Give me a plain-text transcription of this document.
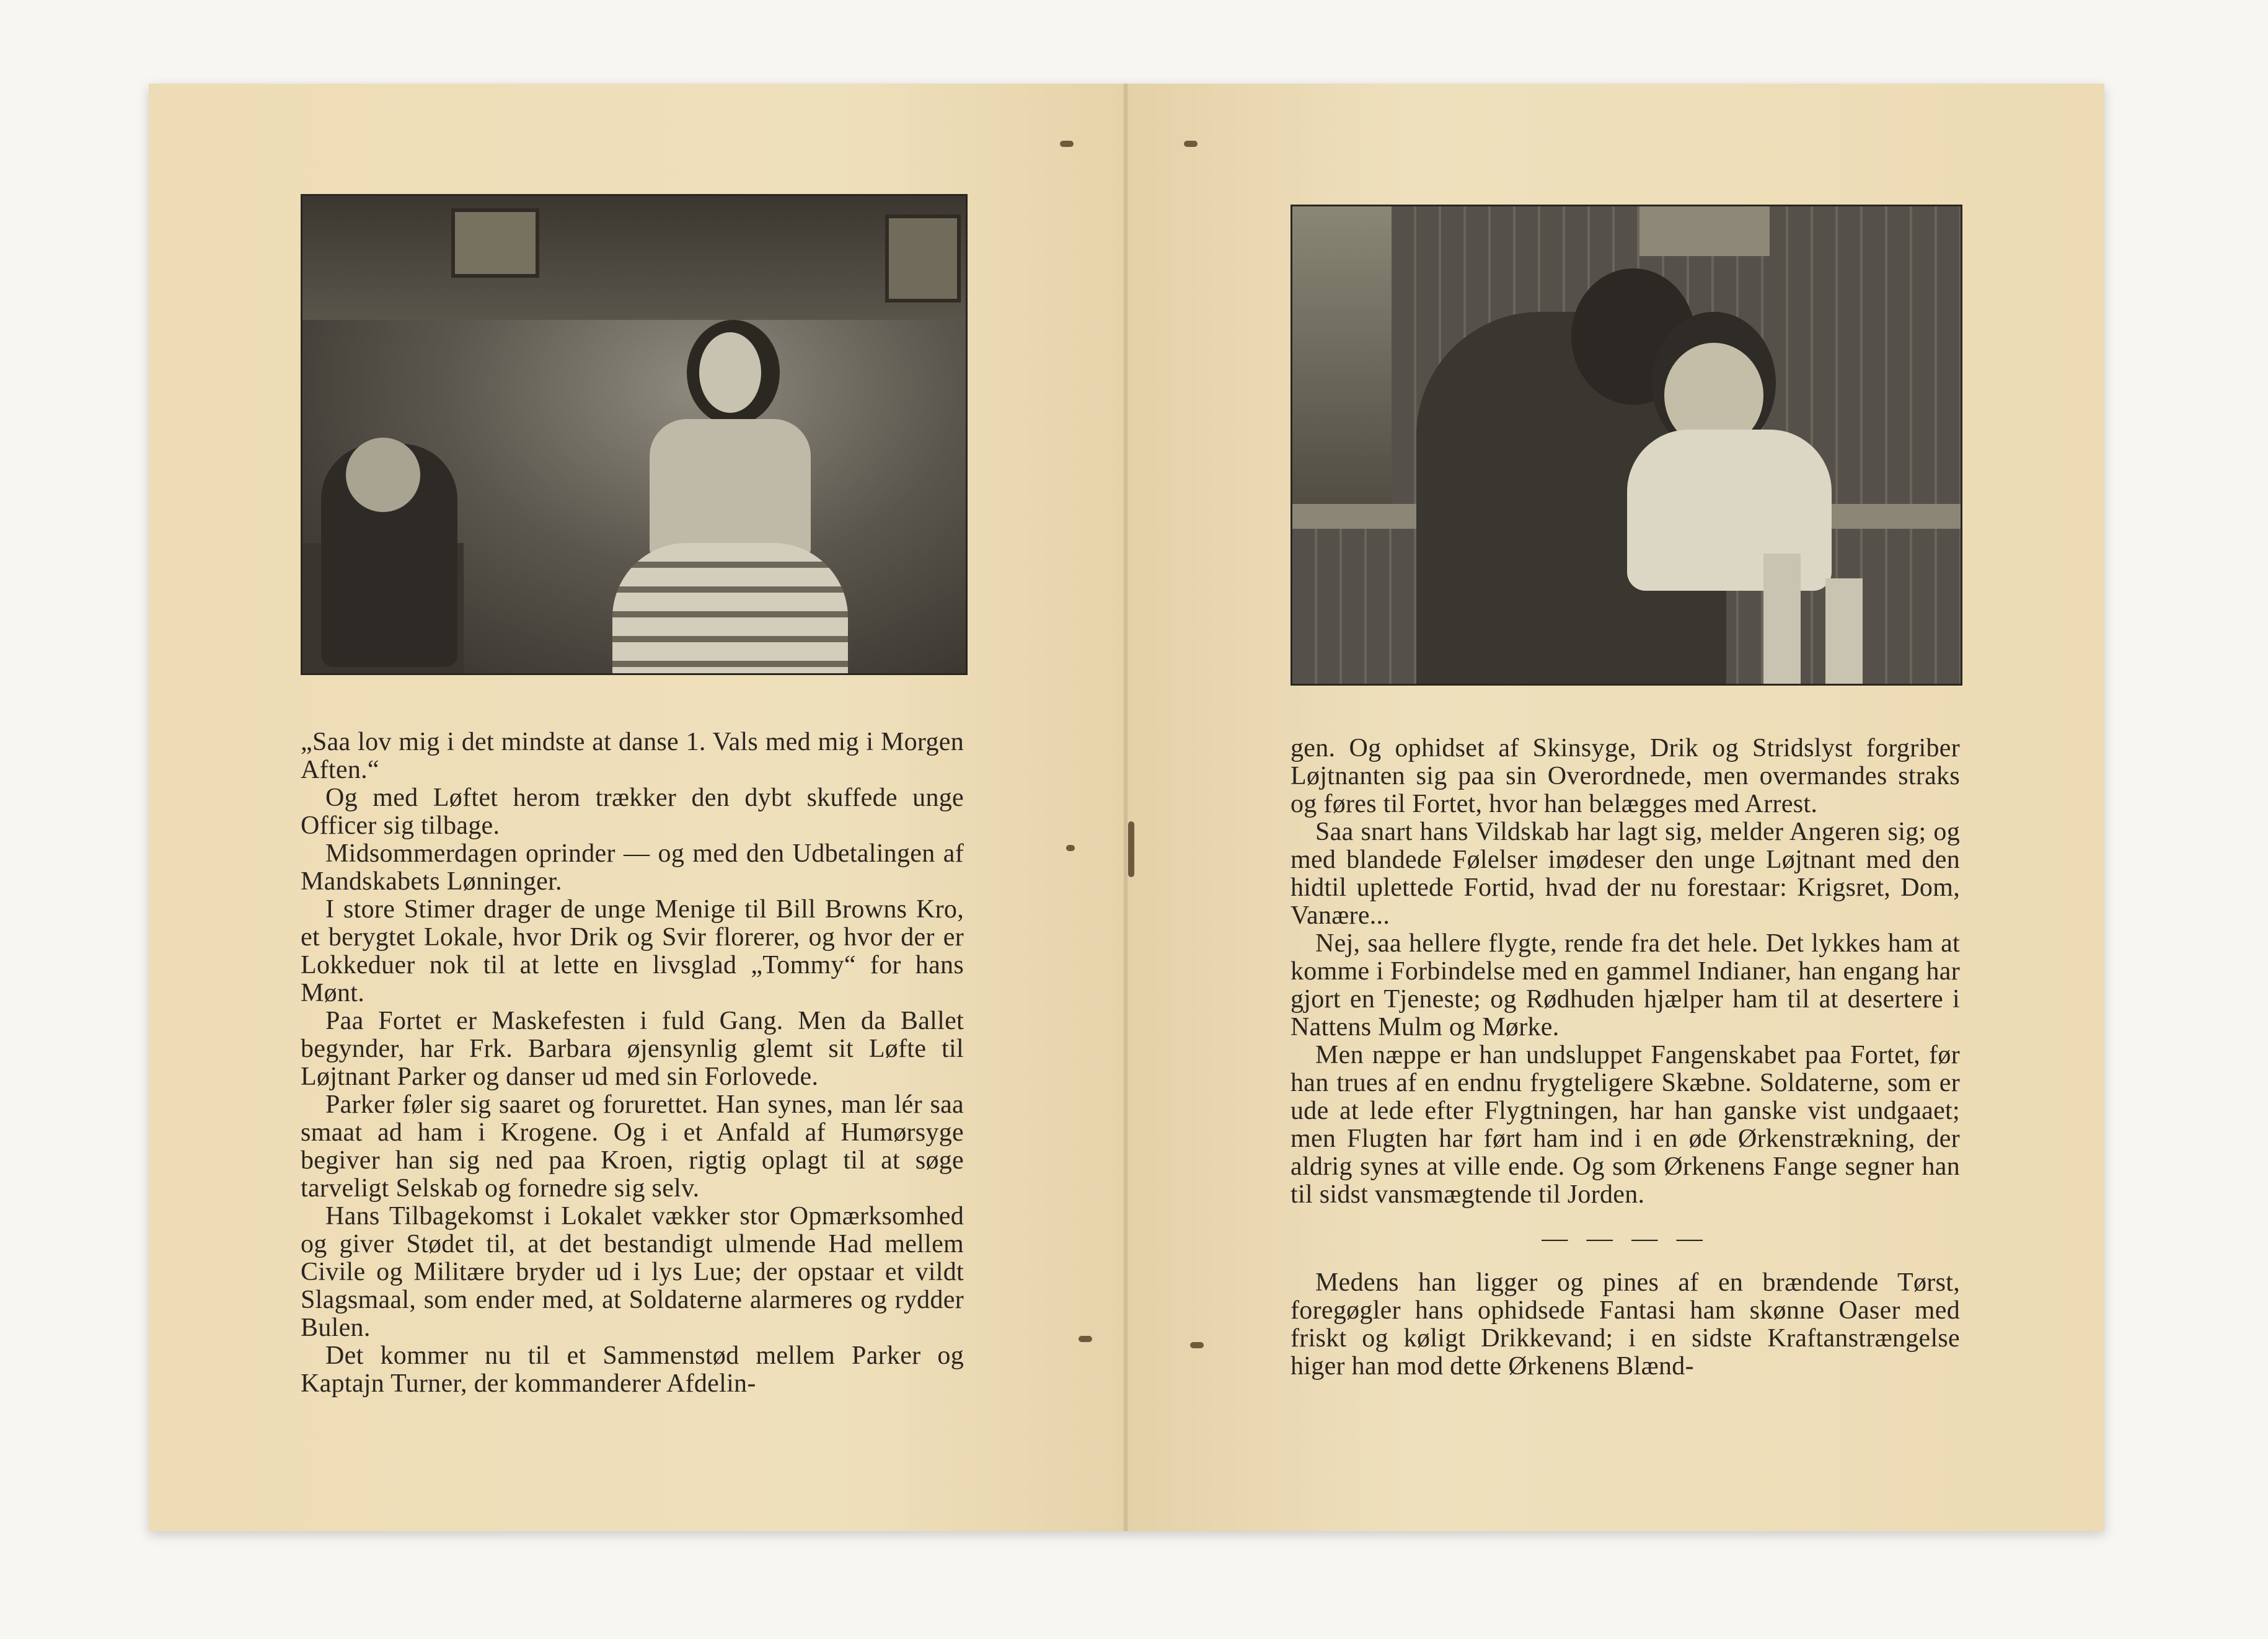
„Saa lov mig i det mindste at danse 1. Vals med mig i Morgen Aften.“

Og med Løftet herom trækker den dybt skuffede unge Officer sig tilbage.

Midsommerdagen oprinder — og med den Udbetalingen af Mandskabets Lønninger.

I store Stimer drager de unge Menige til Bill Browns Kro, et berygtet Lokale, hvor Drik og Svir florerer, og hvor der er Lokkeduer nok til at lette en livsglad „Tommy“ for hans Mønt.

Paa Fortet er Maskefesten i fuld Gang. Men da Ballet begynder, har Frk. Barbara øjensynlig glemt sit Løfte til Løjtnant Parker og danser ud med sin Forlovede.

Parker føler sig saaret og forurettet. Han synes, man lér saa smaat ad ham i Krogene. Og i et Anfald af Humørsyge begiver han sig ned paa Kroen, rigtig oplagt til at søge tarveligt Selskab og fornedre sig selv.

Hans Tilbagekomst i Lokalet vækker stor Opmærksomhed og giver Stødet til, at det bestandigt ulmende Had mellem Civile og Militære bryder ud i lys Lue; der opstaar et vildt Slagsmaal, som ender med, at Soldaterne alarmeres og rydder Bulen.

Det kommer nu til et Sammenstød mellem Parker og Kaptajn Turner, der kommanderer Afdelin-

gen. Og ophidset af Skinsyge, Drik og Stridslyst forgriber Løjtnanten sig paa sin Overordnede, men overmandes straks og føres til Fortet, hvor han belægges med Arrest.

Saa snart hans Vildskab har lagt sig, melder Angeren sig; og med blandede Følelser imødeser den unge Løjtnant med den hidtil uplettede Fortid, hvad der nu forestaar: Krigsret, Dom, Vanære...

Nej, saa hellere flygte, rende fra det hele. Det lykkes ham at komme i Forbindelse med en gammel Indianer, han engang har gjort en Tjeneste; og Rødhuden hjælper ham til at desertere i Nattens Mulm og Mørke.

Men næppe er han undsluppet Fangenskabet paa Fortet, før han trues af en endnu frygteligere Skæbne. Soldaterne, som er ude at lede efter Flygtningen, har han ganske vist undgaaet; men Flugten har ført ham ind i en øde Ørkenstrækning, der aldrig synes at ville ende. Og som Ørkenens Fange segner han til sidst vansmægtende til Jorden.

— — — —

Medens han ligger og pines af en brændende Tørst, foregøgler hans ophidsede Fantasi ham skønne Oaser med friskt og køligt Drikkevand; i en sidste Kraftanstrængelse higer han mod dette Ørkenens Blænd-
